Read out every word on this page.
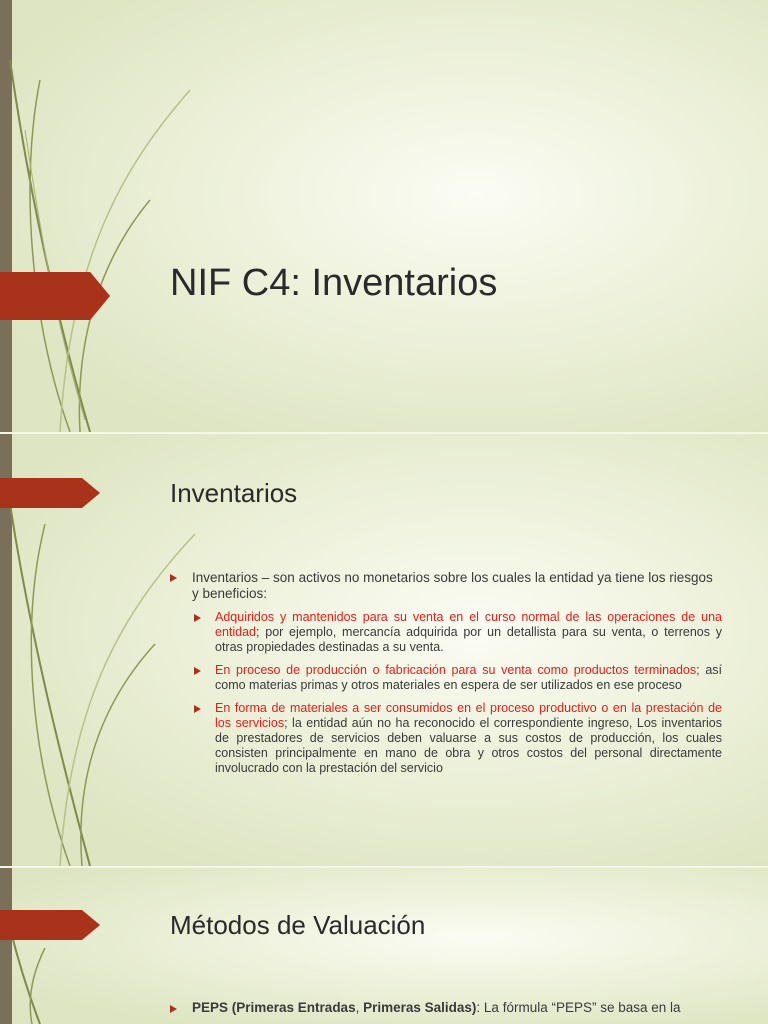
NIF C4: Inventarios
Inventarios

Inventarios – son activos no monetarios sobre los cuales la entidad ya tiene los riesgos y beneficios:

Adquiridos y mantenidos para su venta en el curso normal de las operaciones de una entidad; por ejemplo, mercancía adquirida por un detallista para su venta, o terrenos y otras propiedades destinadas a su venta.

En proceso de producción o fabricación para su venta como productos terminados; así como materias primas y otros materiales en espera de ser utilizados en ese proceso

En forma de materiales a ser consumidos en el proceso productivo o en la prestación de los servicios; la entidad aún no ha reconocido el correspondiente ingreso, Los inventarios de prestadores de servicios deben valuarse a sus costos de producción, los cuales consisten principalmente en mano de obra y otros costos del personal directamente involucrado con la prestación del servicio

Métodos de Valuación
PEPS (Primeras Entradas, Primeras Salidas): La fórmula “PEPS” se basa en la
